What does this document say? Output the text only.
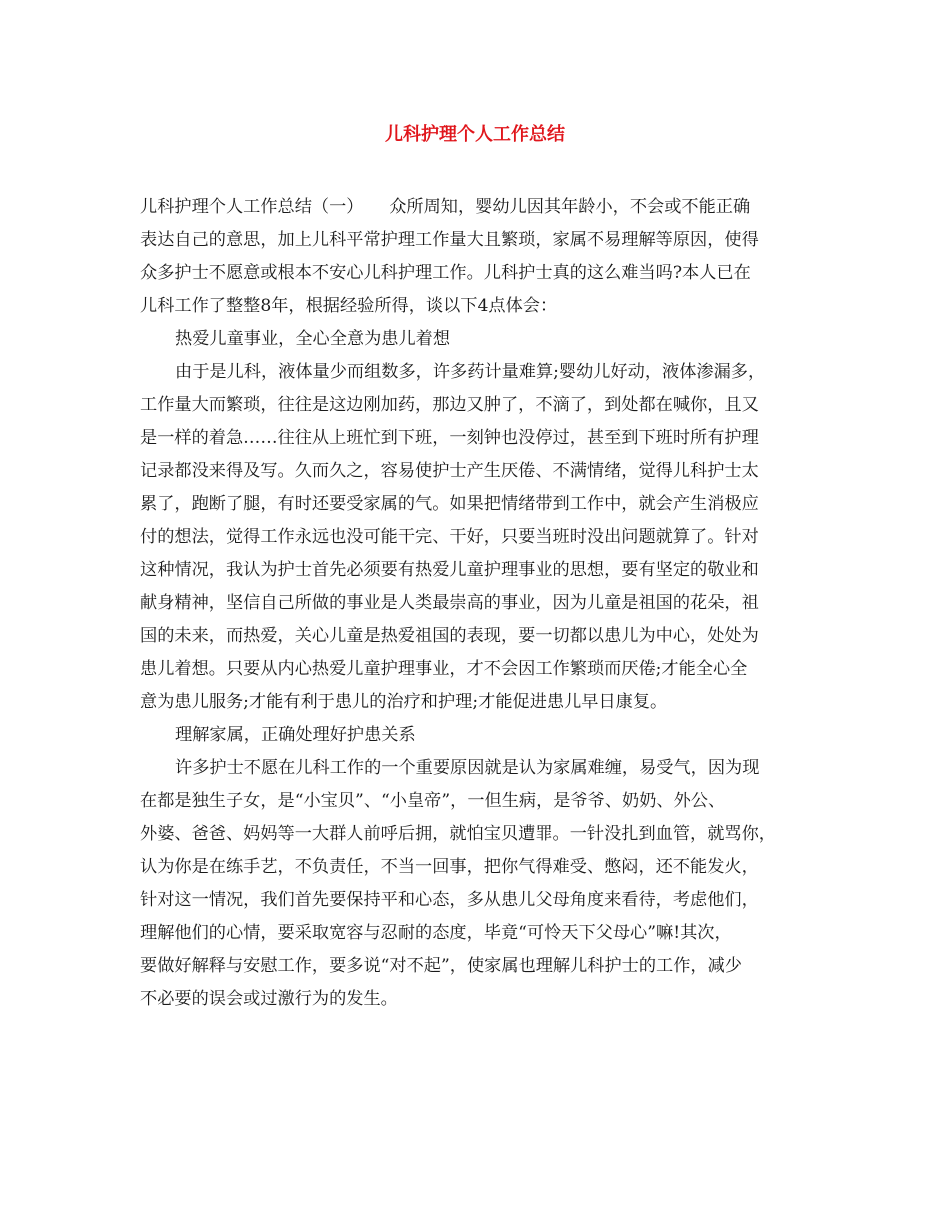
儿科护理个人工作总结

儿科护理个人工作总结（一）　　众所周知，婴幼儿因其年龄小，不会或不能正确

表达自己的意思，加上儿科平常护理工作量大且繁琐，家属不易理解等原因，使得

众多护士不愿意或根本不安心儿科护理工作。儿科护士真的这么难当吗?本人已在

儿科工作了整整8年，根据经验所得，谈以下4点体会：

热爱儿童事业，全心全意为患儿着想

由于是儿科，液体量少而组数多，许多药计量难算;婴幼儿好动，液体渗漏多，

工作量大而繁琐，往往是这边刚加药，那边又肿了，不滴了，到处都在喊你，且又

是一样的着急……往往从上班忙到下班，一刻钟也没停过，甚至到下班时所有护理

记录都没来得及写。久而久之，容易使护士产生厌倦、不满情绪，觉得儿科护士太

累了，跑断了腿，有时还要受家属的气。如果把情绪带到工作中，就会产生消极应

付的想法，觉得工作永远也没可能干完、干好，只要当班时没出问题就算了。针对

这种情况，我认为护士首先必须要有热爱儿童护理事业的思想，要有坚定的敬业和

献身精神，坚信自己所做的事业是人类最崇高的事业，因为儿童是祖国的花朵，祖

国的未来，而热爱，关心儿童是热爱祖国的表现，要一切都以患儿为中心，处处为

患儿着想。只要从内心热爱儿童护理事业，才不会因工作繁琐而厌倦;才能全心全

意为患儿服务;才能有利于患儿的治疗和护理;才能促进患儿早日康复。

理解家属，正确处理好护患关系

许多护士不愿在儿科工作的一个重要原因就是认为家属难缠，易受气，因为现

在都是独生子女，是“小宝贝”、“小皇帝”，一但生病，是爷爷、奶奶、外公、

外婆、爸爸、妈妈等一大群人前呼后拥，就怕宝贝遭罪。一针没扎到血管，就骂你，

认为你是在练手艺，不负责任，不当一回事，把你气得难受、憋闷，还不能发火，

针对这一情况，我们首先要保持平和心态，多从患儿父母角度来看待，考虑他们，

理解他们的心情，要采取宽容与忍耐的态度，毕竟“可怜天下父母心”嘛!其次，

要做好解释与安慰工作，要多说“对不起”，使家属也理解儿科护士的工作，减少

不必要的误会或过激行为的发生。
